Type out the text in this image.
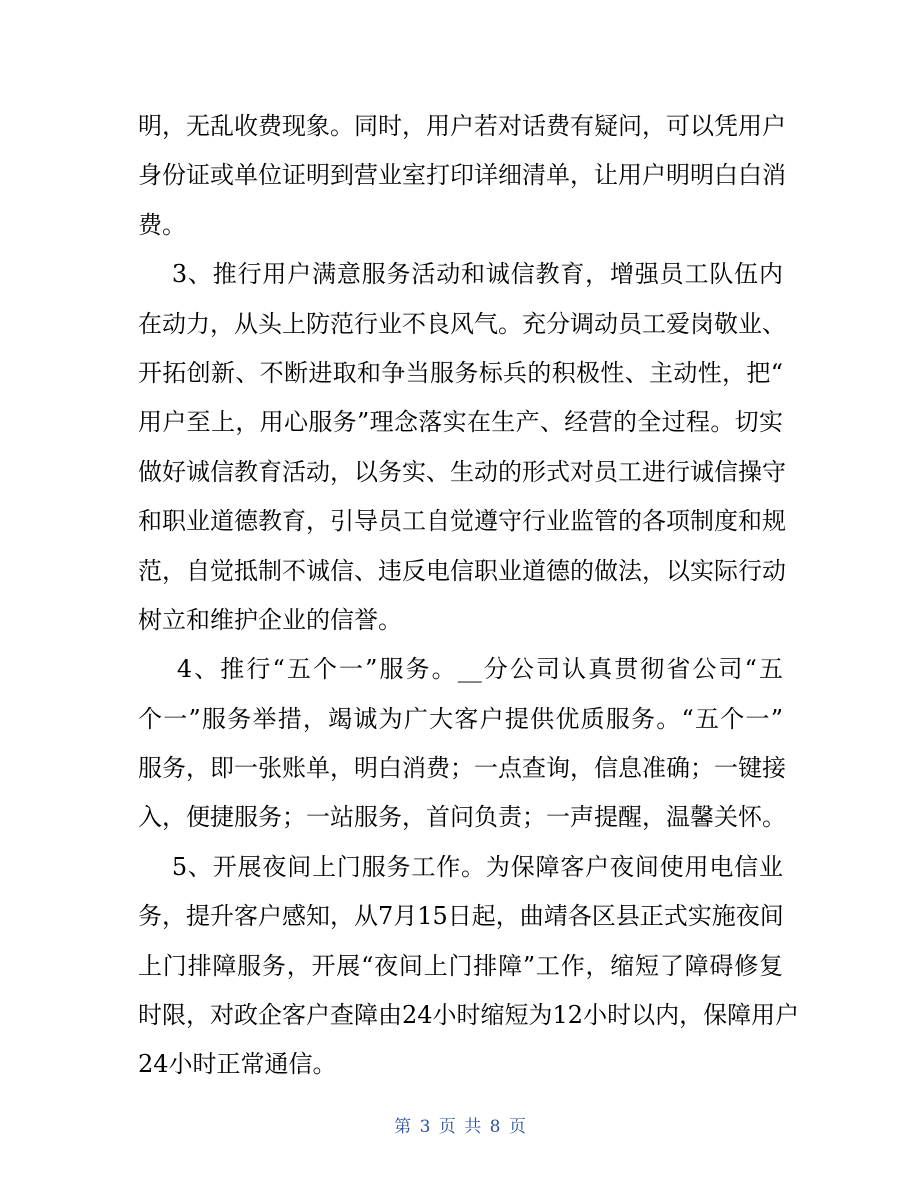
明，无乱收费现象。同时，用户若对话费有疑问，可以凭用户
身份证或单位证明到营业室打印详细清单，让用户明明白白消
费。
3、推行用户满意服务活动和诚信教育，增强员工队伍内
在动力，从头上防范行业不良风气。充分调动员工爱岗敬业、
开拓创新、不断进取和争当服务标兵的积极性、主动性，把“
用户至上，用心服务”理念落实在生产、经营的全过程。切实
做好诚信教育活动，以务实、生动的形式对员工进行诚信操守
和职业道德教育，引导员工自觉遵守行业监管的各项制度和规
范，自觉抵制不诚信、违反电信职业道德的做法，以实际行动
树立和维护企业的信誉。
4、推行“五个一”服务。__分公司认真贯彻省公司“五
个一”服务举措，竭诚为广大客户提供优质服务。“五个一”
服务，即一张账单，明白消费；一点查询，信息准确；一键接
入，便捷服务；一站服务，首问负责；一声提醒，温馨关怀。
5、开展夜间上门服务工作。为保障客户夜间使用电信业
务，提升客户感知，从7月15日起，曲靖各区县正式实施夜间
上门排障服务，开展“夜间上门排障”工作，缩短了障碍修复
时限，对政企客户查障由24小时缩短为12小时以内，保障用户
24小时正常通信。
第 3 页 共 8 页
